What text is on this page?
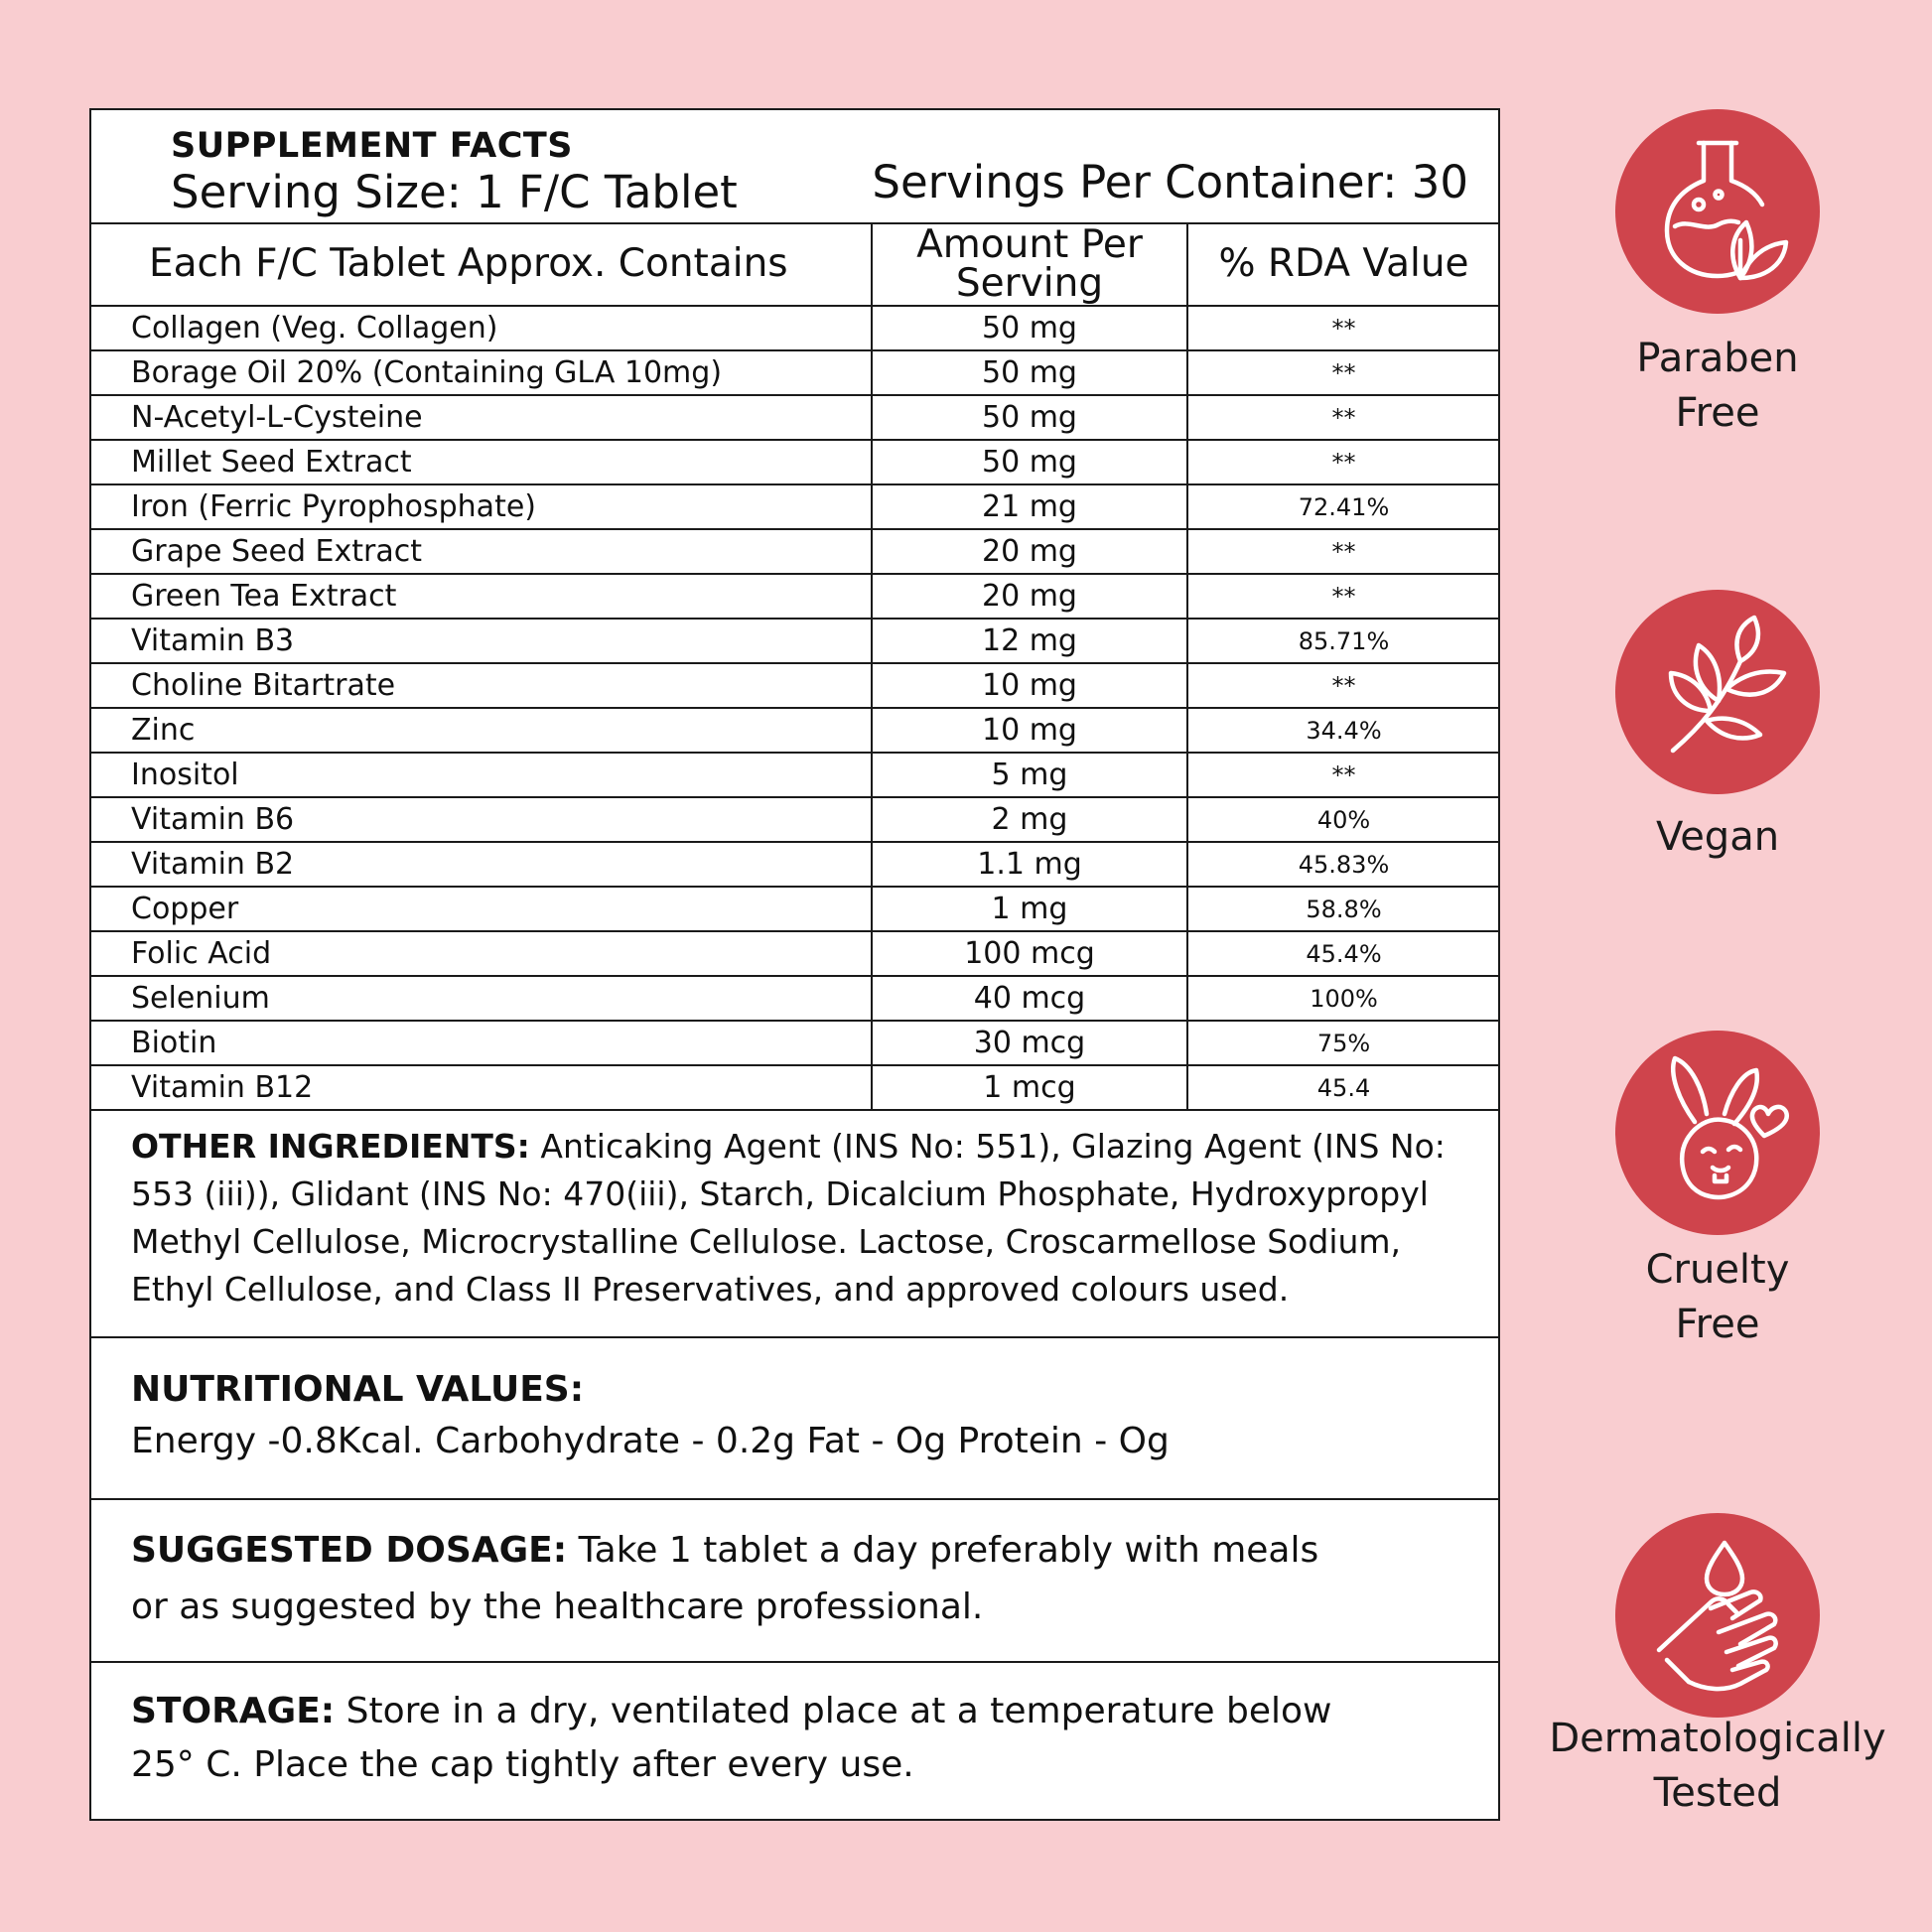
SUPPLEMENT FACTS
Serving Size: 1 F/C Tablet	Servings Per Container: 30
Each F/C Tablet Approx. Contains	Amount Per Serving	% RDA Value
Collagen (Veg. Collagen)	50 mg	**
Borage Oil 20% (Containing GLA 10mg)	50 mg	**
N-Acetyl-L-Cysteine	50 mg	**
Millet Seed Extract	50 mg	**
Iron (Ferric Pyrophosphate)	21 mg	72.41%
Grape Seed Extract	20 mg	**
Green Tea Extract	20 mg	**
Vitamin B3	12 mg	85.71%
Choline Bitartrate	10 mg	**
Zinc	10 mg	34.4%
Inositol	5 mg	**
Vitamin B6	2 mg	40%
Vitamin B2	1.1 mg	45.83%
Copper	1 mg	58.8%
Folic Acid	100 mcg	45.4%
Selenium	40 mcg	100%
Biotin	30 mcg	75%
Vitamin B12	1 mcg	45.4
OTHER INGREDIENTS: Anticaking Agent (INS No: 551), Glazing Agent (INS No: 553 (iii)), Glidant (INS No: 470(iii), Starch, Dicalcium Phosphate, Hydroxypropyl Methyl Cellulose, Microcrystalline Cellulose. Lactose, Croscarmellose Sodium, Ethyl Cellulose, and Class II Preservatives, and approved colours used.
NUTRITIONAL VALUES:
Energy -0.8Kcal. Carbohydrate - 0.2g Fat - Og Protein - Og
SUGGESTED DOSAGE: Take 1 tablet a day preferably with meals
or as suggested by the healthcare professional.
STORAGE: Store in a dry, ventilated place at a temperature below
25° C. Place the cap tightly after every use.
Paraben
Free
Vegan
Cruelty
Free
Dermatologically
Tested
